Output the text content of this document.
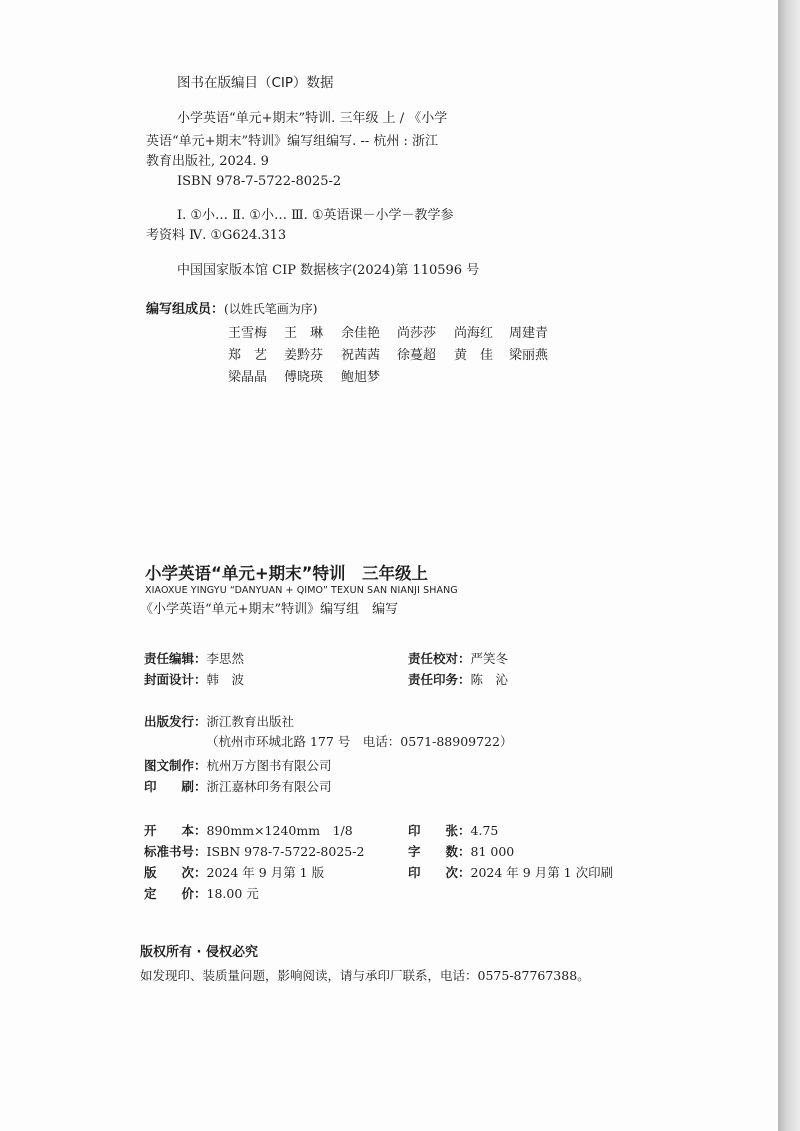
图书在版编目（CIP）数据
小学英语“单元+期末”特训. 三年级 上 / 《小学
英语“单元+期末”特训》编写组编写. -- 杭州 : 浙江
教育出版社, 2024. 9
ISBN 978-7-5722-8025-2
Ⅰ. ①小… Ⅱ. ①小… Ⅲ. ①英语课－小学－教学参
考资料 Ⅳ. ①G624.313
中国国家版本馆 CIP 数据核字(2024)第 110596 号
编写组成员：(以姓氏笔画为序)
王雪梅 王　琳 余佳艳 尚莎莎 尚海红 周建青
郑　艺 姜黔芬 祝茜茜 徐蔓超 黄　佳 梁丽燕
梁晶晶 傅晓瑛 鲍旭梦
小学英语“单元+期末”特训　三年级上
XIAOXUE YINGYU “DANYUAN + QIMO” TEXUN SAN NIANJI SHANG
《小学英语“单元+期末”特训》编写组　编写
责任编辑：李思然	责任校对：严笑冬
封面设计：韩　波	责任印务：陈　沁
出版发行：浙江教育出版社
（杭州市环城北路 177 号　电话：0571-88909722）
图文制作：杭州万方图书有限公司
印　　刷：浙江嘉林印务有限公司
开　　本：890mm×1240mm　1/8	印　　张：4.75
标准书号：ISBN 978-7-5722-8025-2	字　　数：81 000
版　　次：2024 年 9 月第 1 版	印　　次：2024 年 9 月第 1 次印刷
定　　价：18.00 元
版权所有 · 侵权必究
如发现印、装质量问题，影响阅读，请与承印厂联系，电话：0575-87767388。
